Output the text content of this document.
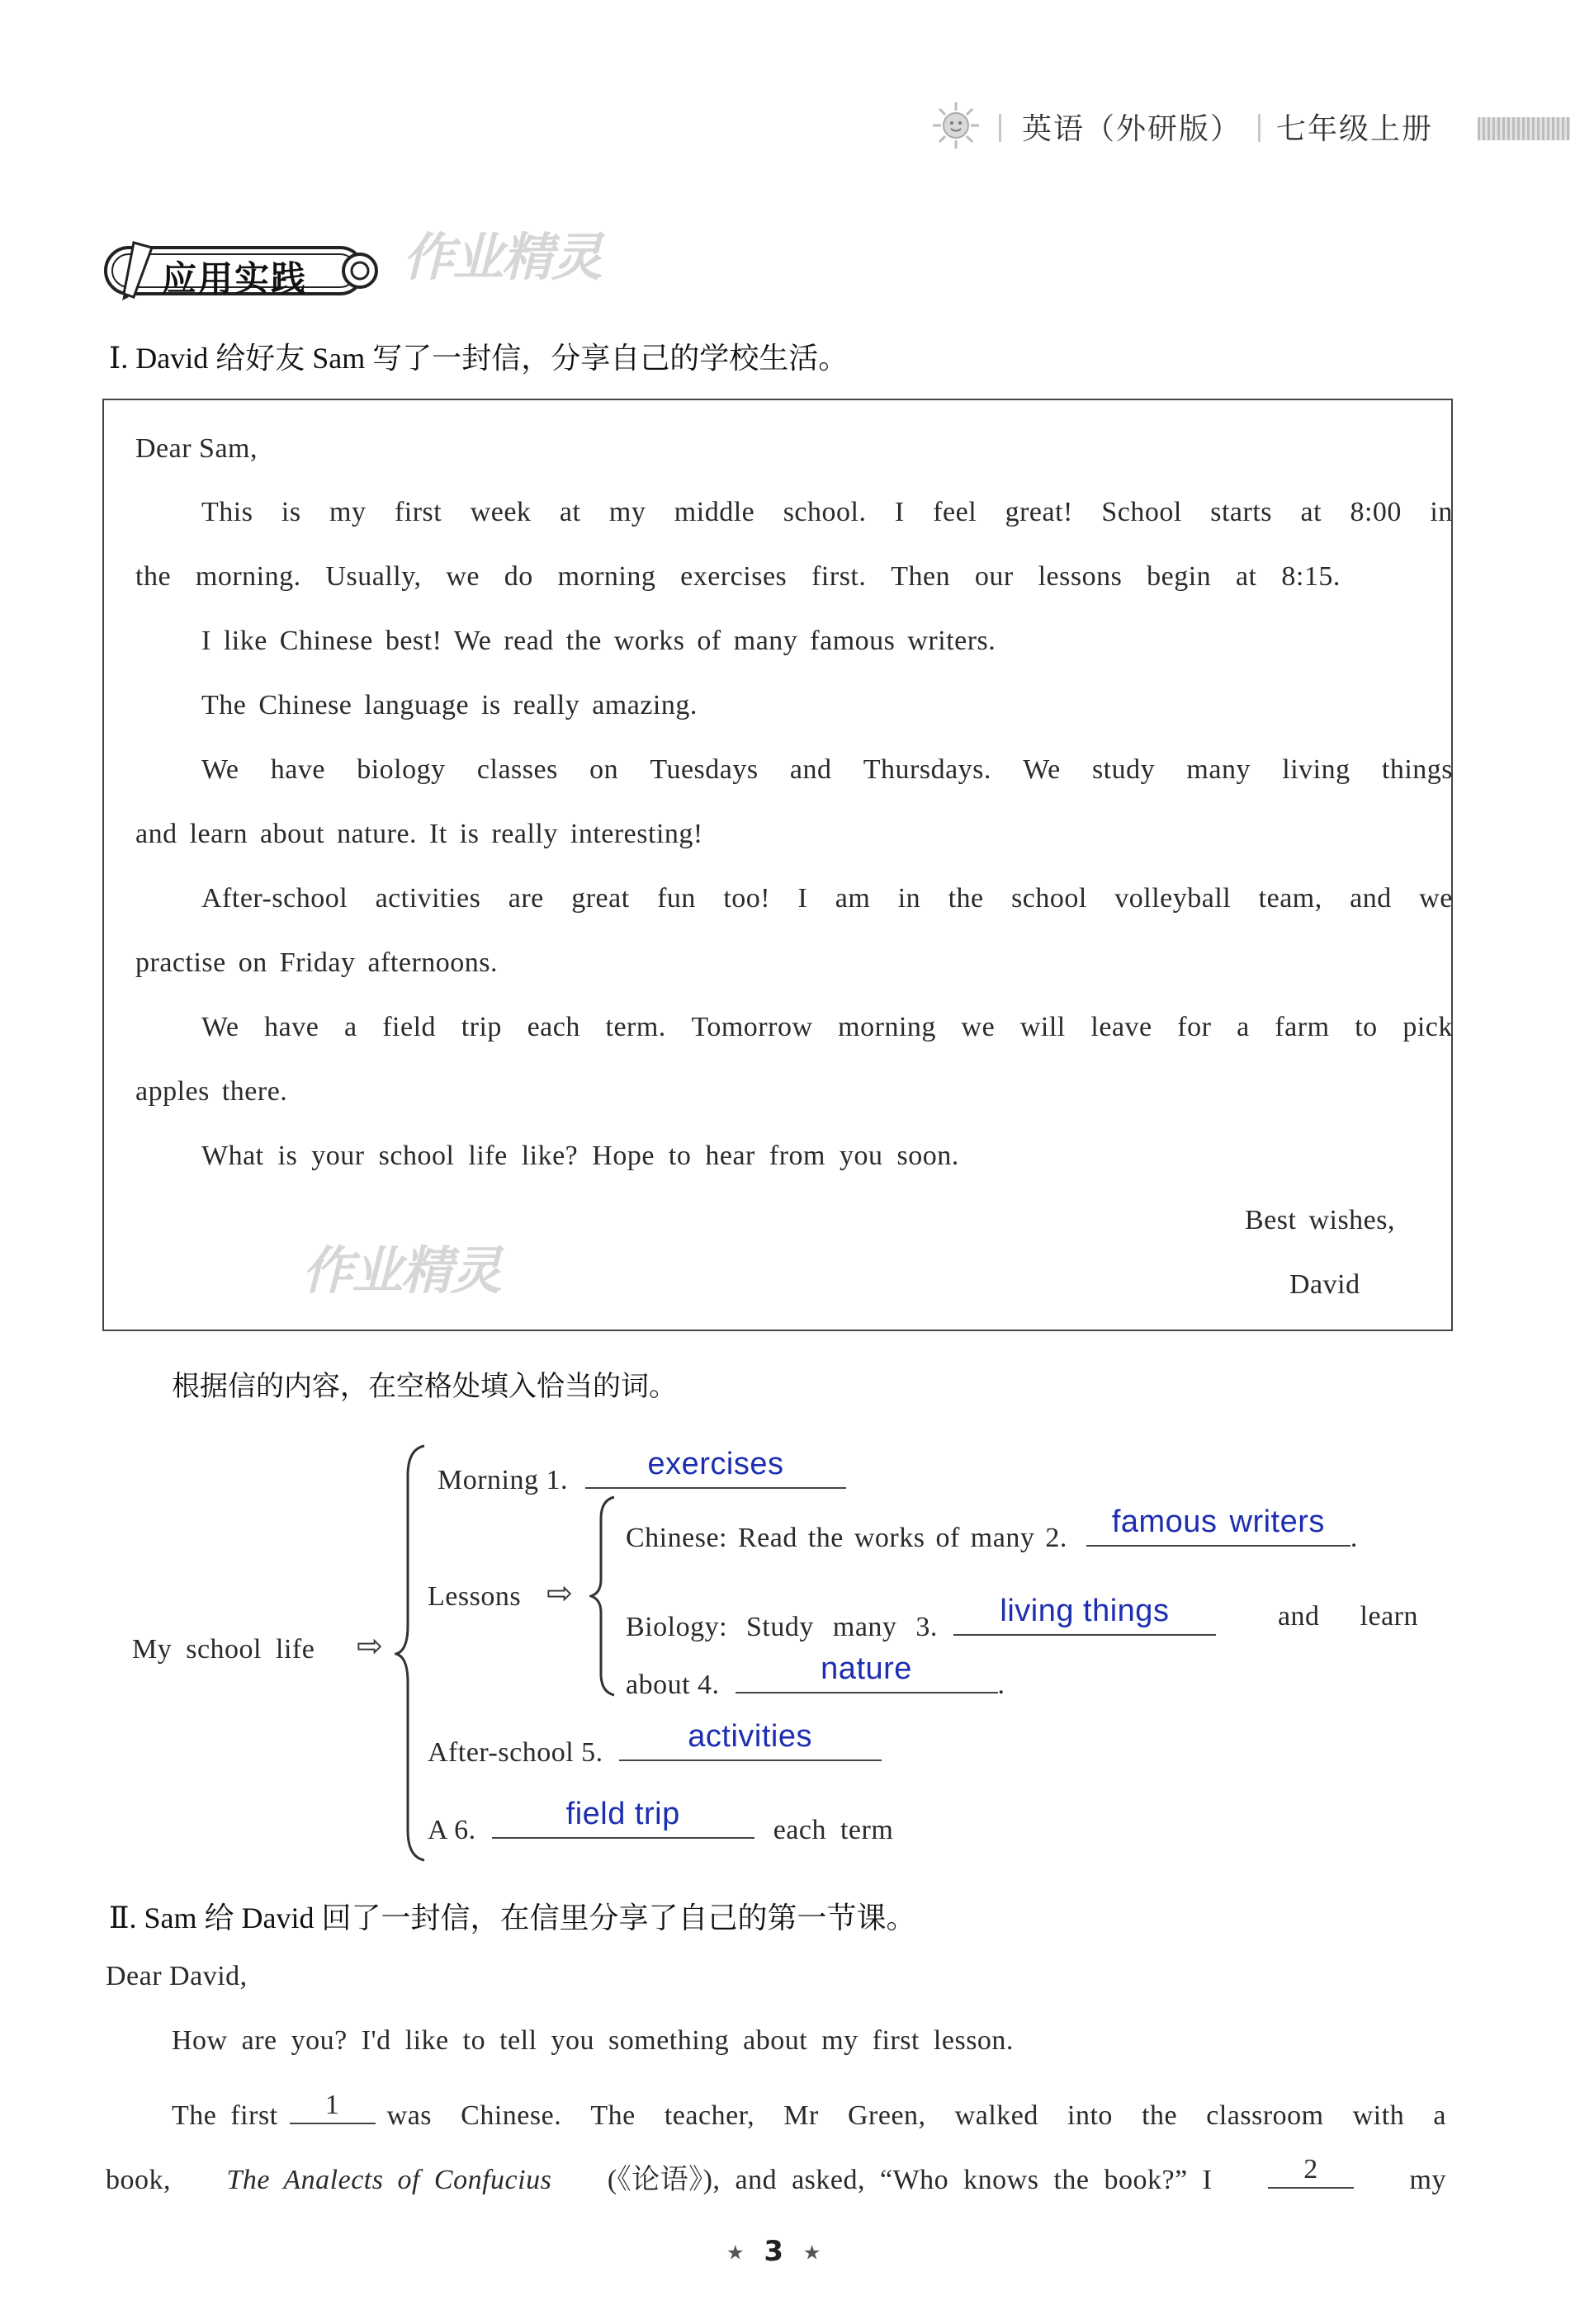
英语（外研版） 七年级上册
应用实践 作业精灵
Ⅰ. David 给好友 Sam 写了一封信，分享自己的学校生活。
作业精灵
Dear Sam,
This is my first week at my middle school. I feel great! School starts at 8:00 in
the morning. Usually, we do morning exercises first. Then our lessons begin at 8:15.
I like Chinese best! We read the works of many famous writers.
The Chinese language is really amazing.
We have biology classes on Tuesdays and Thursdays. We study many living things
and learn about nature. It is really interesting!
After-school activities are great fun too! I am in the school volleyball team, and we
practise on Friday afternoons.
We have a field trip each term. Tomorrow morning we will leave for a farm to pick
apples there.
What is your school life like? Hope to hear from you soon.
Best wishes,
David
根据信的内容，在空格处填入恰当的词。
My school life ⇨
Morning 1.	exercises
Lessons ⇨
Chinese: Read the works of many 2.	famous writers .
Biology: Study many 3.	living things	and learn
about 4.	nature	.
After-school 5.	activities
A 6.	field trip	each term
Ⅱ. Sam 给 David 回了一封信，在信里分享了自己的第一节课。
Dear David,
How are you? I'd like to tell you something about my first lesson.
The first	1	was Chinese. The teacher, Mr Green, walked into the classroom with a
book, The Analects of Confucius (《论语》),  and  asked,  “Who  knows  the  book?”  I	2	my
★ 3 ★
